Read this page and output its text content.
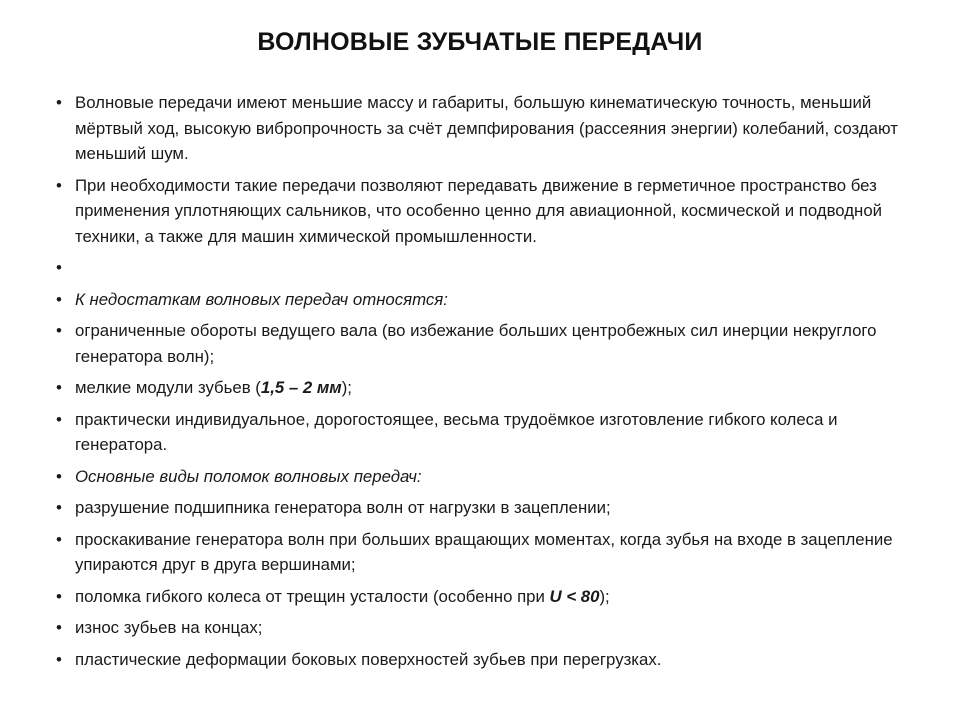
ВОЛНОВЫЕ ЗУБЧАТЫЕ ПЕРЕДАЧИ
• Волновые передачи имеют меньшие массу и габариты, большую кинематическую точность, меньший мёртвый ход, высокую вибропрочность за счёт демпфирования (рассеяния энергии) колебаний, создают меньший шум.
• При необходимости такие передачи позволяют передавать движение в герметичное пространство без применения уплотняющих сальников, что особенно ценно для авиационной, космической и подводной техники, а также для машин химической промышленности.
•
• К недостаткам волновых передач относятся:
• ограниченные обороты ведущего вала (во избежание больших центробежных сил инерции некруглого генератора волн);
• мелкие модули зубьев (1,5 – 2 мм);
• практически индивидуальное, дорогостоящее, весьма трудоёмкое изготовление гибкого колеса и генератора.
• Основные виды поломок волновых передач:
• разрушение подшипника генератора волн от нагрузки в зацеплении;
• проскакивание генератора волн при больших вращающих моментах, когда зубья на входе в зацепление упираются друг в друга вершинами;
• поломка гибкого колеса от трещин усталости (особенно при U < 80);
• износ зубьев на концах;
• пластические деформации боковых поверхностей зубьев при перегрузках.
